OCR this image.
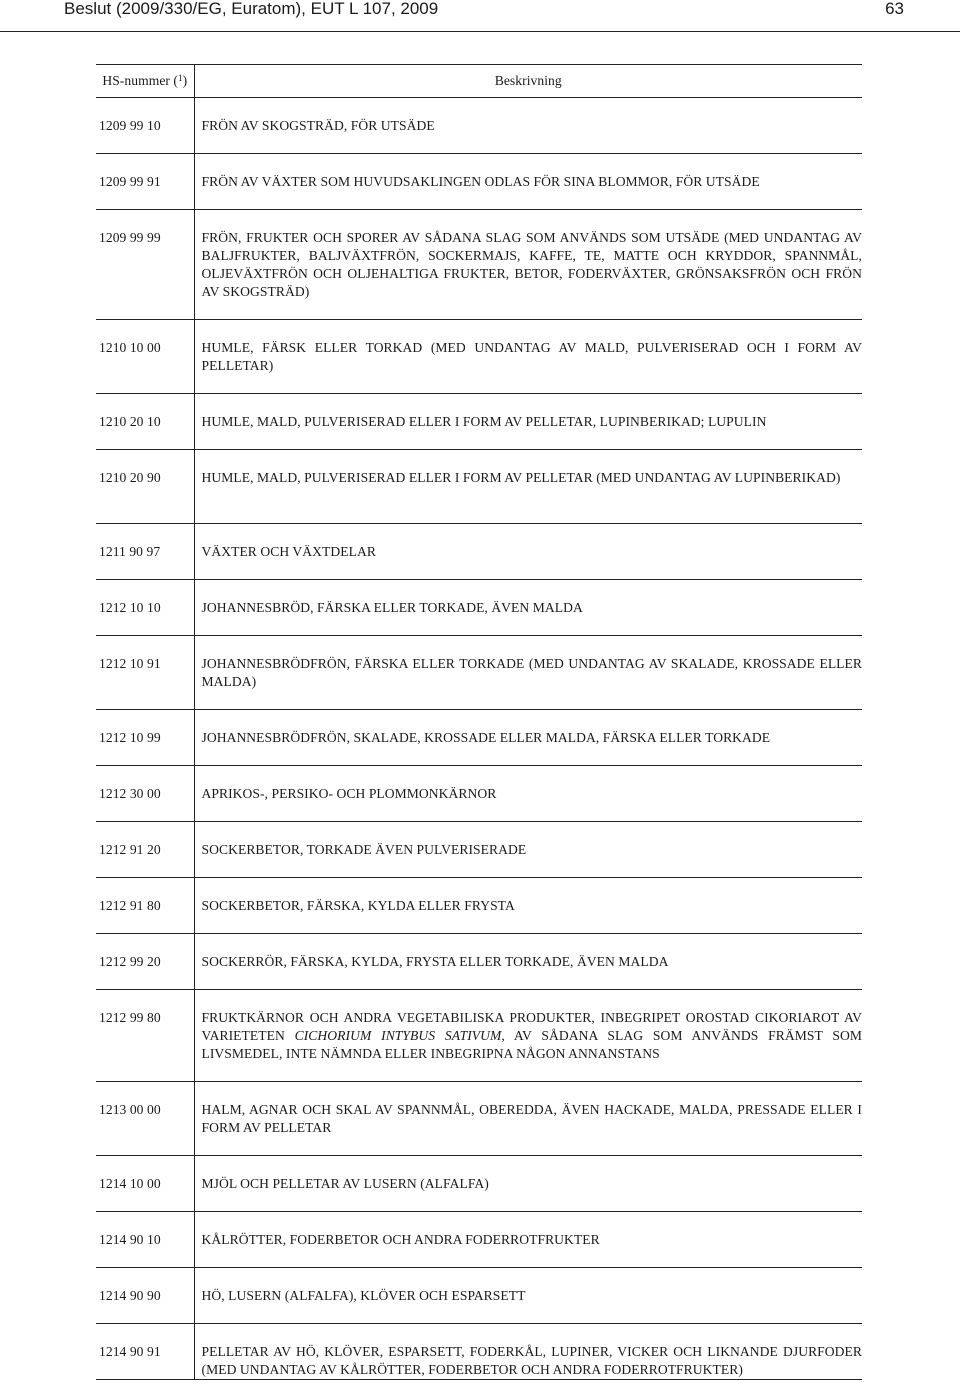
Beslut (2009/330/EG, Euratom), EUT L 107, 2009	63
HS-nummer ($^1$)	Beskrivning
1209 99 10	FRÖN AV SKOGSTRÄD, FÖR UTSÄDE
1209 99 91	FRÖN AV VÄXTER SOM HUVUDSAKLINGEN ODLAS FÖR SINA BLOMMOR, FÖR UTSÄDE
1209 99 99	FRÖN, FRUKTER OCH SPORER AV SÅDANA SLAG SOM ANVÄNDS SOM UTSÄDE (MED UNDANTAG AV BALJFRUKTER, BALJVÄXTFRÖN, SOCKERMAJS, KAFFE, TE, MATTE OCH KRYDDOR, SPANNMÅL, OLJEVÄXTFRÖN OCH OLJEHALTIGA FRUKTER, BETOR, FODERVÄXTER, GRÖNSAKSFRÖN OCH FRÖN AV SKOGSTRÄD)
1210 10 00	HUMLE, FÄRSK ELLER TORKAD (MED UNDANTAG AV MALD, PULVERISERAD OCH I FORM AV PELLETAR)
1210 20 10	HUMLE, MALD, PULVERISERAD ELLER I FORM AV PELLETAR, LUPINBERIKAD; LUPULIN
1210 20 90	HUMLE, MALD, PULVERISERAD ELLER I FORM AV PELLETAR (MED UNDANTAG AV LUPINBERIKAD)
1211 90 97	VÄXTER OCH VÄXTDELAR
1212 10 10	JOHANNESBRÖD, FÄRSKA ELLER TORKADE, ÄVEN MALDA
1212 10 91	JOHANNESBRÖDFRÖN, FÄRSKA ELLER TORKADE (MED UNDANTAG AV SKALADE, KROSSADE ELLER MALDA)
1212 10 99	JOHANNESBRÖDFRÖN, SKALADE, KROSSADE ELLER MALDA, FÄRSKA ELLER TORKADE
1212 30 00	APRIKOS-, PERSIKO- OCH PLOMMONKÄRNOR
1212 91 20	SOCKERBETOR, TORKADE ÄVEN PULVERISERADE
1212 91 80	SOCKERBETOR, FÄRSKA, KYLDA ELLER FRYSTA
1212 99 20	SOCKERRÖR, FÄRSKA, KYLDA, FRYSTA ELLER TORKADE, ÄVEN MALDA
1212 99 80	FRUKTKÄRNOR OCH ANDRA VEGETABILISKA PRODUKTER, INBEGRIPET OROSTAD CIKORIAROT AV VARIETETEN CICHORIUM INTYBUS SATIVUM, AV SÅDANA SLAG SOM ANVÄNDS FRÄMST SOM LIVSMEDEL, INTE NÄMNDA ELLER INBEGRIPNA NÅGON ANNANSTANS
1213 00 00	HALM, AGNAR OCH SKAL AV SPANNMÅL, OBEREDDA, ÄVEN HACKADE, MALDA, PRESSADE ELLER I FORM AV PELLETAR
1214 10 00	MJÖL OCH PELLETAR AV LUSERN (ALFALFA)
1214 90 10	KÅLRÖTTER, FODERBETOR OCH ANDRA FODERROTFRUKTER
1214 90 90	HÖ, LUSERN (ALFALFA), KLÖVER OCH ESPARSETT
1214 90 91	PELLETAR AV HÖ, KLÖVER, ESPARSETT, FODERKÅL, LUPINER, VICKER OCH LIKNANDE DJURFODER (MED UNDANTAG AV KÅLRÖTTER, FODERBETOR OCH ANDRA FODERROTFRUKTER)
